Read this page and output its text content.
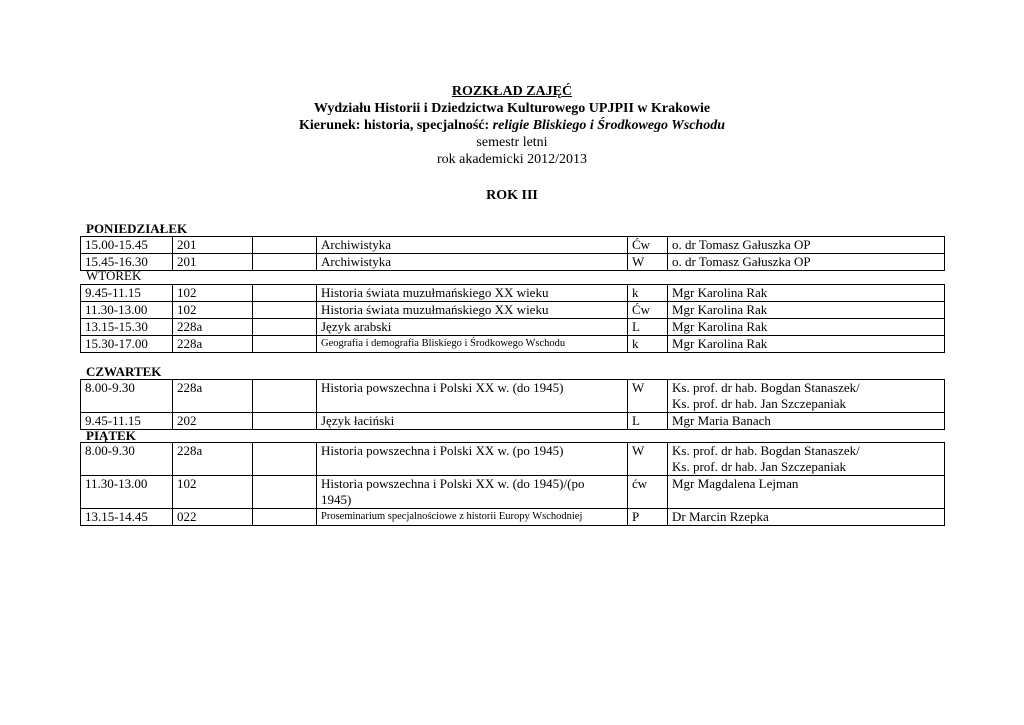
ROZKŁAD ZAJĘĆ
Wydziału Historii i Dziedzictwa Kulturowego UPJPII w Krakowie
Kierunek: historia, specjalność: religie Bliskiego i Środkowego Wschodu
semestr letni
rok akademicki 2012/2013
ROK III
PONIEDZIAŁEK
15.00-15.45	201		Archiwistyka	Ćw	o. dr Tomasz Gałuszka OP
15.45-16.30	201		Archiwistyka	W	o. dr Tomasz Gałuszka OP
WTOREK
9.45-11.15	102		Historia świata muzułmańskiego XX wieku	k	Mgr Karolina Rak
11.30-13.00	102		Historia świata muzułmańskiego XX wieku	Ćw	Mgr Karolina Rak
13.15-15.30	228a		Język arabski	L	Mgr Karolina Rak
15.30-17.00	228a		Geografia i demografia Bliskiego i Środkowego Wschodu	k	Mgr Karolina Rak
CZWARTEK
8.00-9.30	228a		Historia powszechna i Polski XX w. (do 1945)	W	Ks. prof. dr hab. Bogdan Stanaszek/
Ks. prof. dr hab. Jan Szczepaniak

9.45-11.15	202		Język łaciński	L	Mgr Maria Banach
PIĄTEK
8.00-9.30	228a		Historia powszechna i Polski XX w. (po 1945)	W	Ks. prof. dr hab. Bogdan Stanaszek/
Ks. prof. dr hab. Jan Szczepaniak

11.30-13.00	102		Historia powszechna i Polski XX w. (do 1945)/(po
1945)	ćw	Mgr Magdalena Lejman
13.15-14.45	022		Proseminarium specjalnościowe z historii Europy Wschodniej	P	Dr Marcin Rzepka
